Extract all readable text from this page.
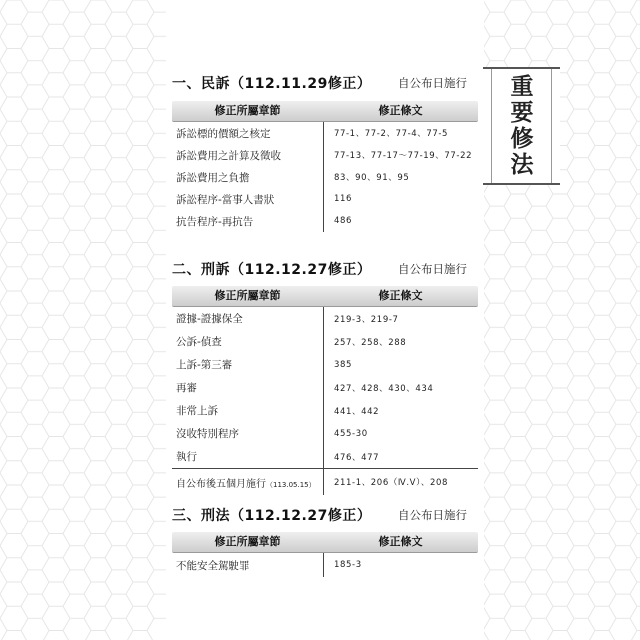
一、民訴（112.11.29修正） 自公布日施行
修正所屬章節	修正條文
訴訟標的價額之核定	77-1、77-2、77-4、77-5
訴訟費用之計算及徵收	77-13、77-17～77-19、77-22
訴訟費用之負擔	83、90、91、95
訴訟程序-當事人書狀	116
抗告程序-再抗告	486
二、刑訴（112.12.27修正） 自公布日施行
修正所屬章節	修正條文
證據-證據保全	219-3、219-7
公訴-偵查	257、258、288
上訴-第三審	385
再審	427、428、430、434
非常上訴	441、442
沒收特別程序	455-30
執行	476、477
自公布後五個月施行（113.05.15）	211-1、206（Ⅳ.Ⅴ）、208
三、刑法（112.12.27修正） 自公布日施行
修正所屬章節	修正條文
不能安全駕駛罪	185-3
重
要
修
法
